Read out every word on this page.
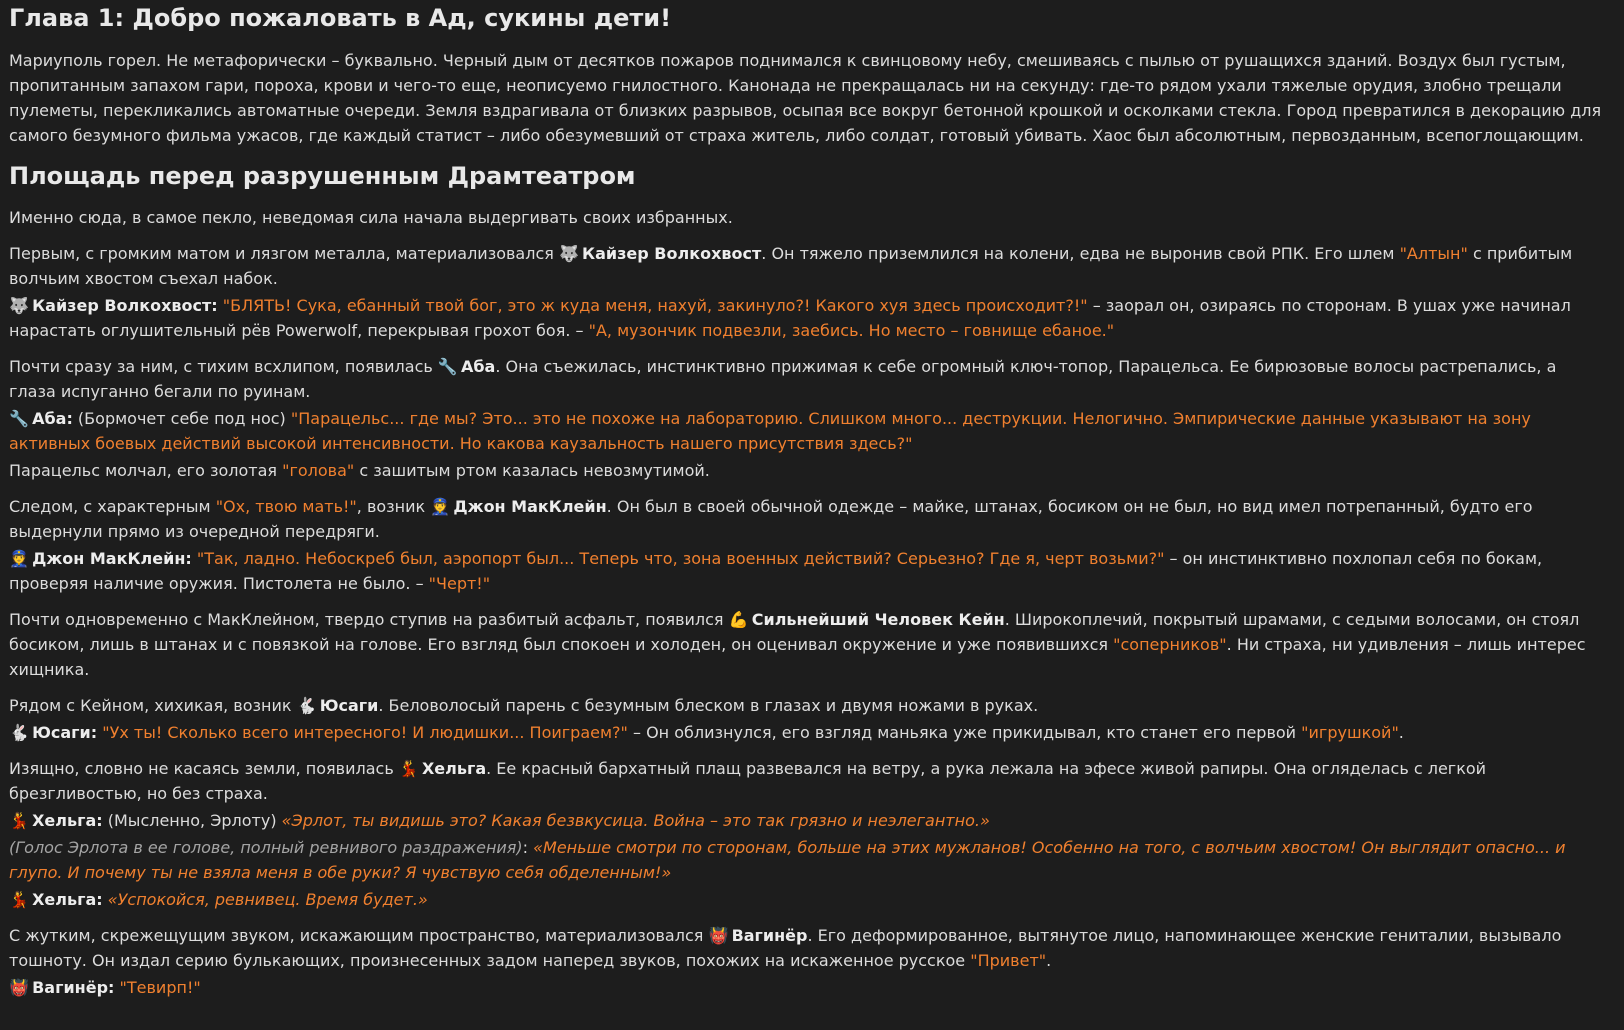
Глава 1: Добро пожаловать в Ад, сукины дети!

Мариуполь горел. Не метафорически – буквально. Черный дым от десятков пожаров поднимался к свинцовому небу, смешиваясь с пылью от рушащихся зданий. Воздух был густым, пропитанным запахом гари, пороха, крови и чего-то еще, неописуемо гнилостного. Канонада не прекращалась ни на секунду: где-то рядом ухали тяжелые орудия, злобно трещали пулеметы, перекликались автоматные очереди. Земля вздрагивала от близких разрывов, осыпая все вокруг бетонной крошкой и осколками стекла. Город превратился в декорацию для самого безумного фильма ужасов, где каждый статист – либо обезумевший от страха житель, либо солдат, готовый убивать. Хаос был абсолютным, первозданным, всепоглощающим.

Площадь перед разрушенным Драмтеатром

Именно сюда, в самое пекло, неведомая сила начала выдергивать своих избранных.

Первым, с громким матом и лязгом металла, материализовался 🐺 Кайзер Волкохвост. Он тяжело приземлился на колени, едва не выронив свой РПК. Его шлем "Алтын" с прибитым волчьим хвостом съехал набок.

🐺 Кайзер Волкохвост: "БЛЯТЬ! Сука, ебанный твой бог, это ж куда меня, нахуй, закинуло?! Какого хуя здесь происходит?!" – заорал он, озираясь по сторонам. В ушах уже начинал нарастать оглушительный рёв Powerwolf, перекрывая грохот боя. – "А, музончик подвезли, заебись. Но место – говнище ебаное."

Почти сразу за ним, с тихим всхлипом, появилась 🔧 Аба. Она съежилась, инстинктивно прижимая к себе огромный ключ-топор, Парацельса. Ее бирюзовые волосы растрепались, а глаза испуганно бегали по руинам.

🔧 Аба: (Бормочет себе под нос) "Парацельс... где мы? Это... это не похоже на лабораторию. Слишком много... деструкции. Нелогично. Эмпирические данные указывают на зону активных боевых действий высокой интенсивности. Но какова каузальность нашего присутствия здесь?"

Парацельс молчал, его золотая "голова" с зашитым ртом казалась невозмутимой.

Следом, с характерным "Ох, твою мать!", возник 👮 Джон МакКлейн. Он был в своей обычной одежде – майке, штанах, босиком он не был, но вид имел потрепанный, будто его выдернули прямо из очередной передряги.

👮 Джон МакКлейн: "Так, ладно. Небоскреб был, аэропорт был... Теперь что, зона военных действий? Серьезно? Где я, черт возьми?" – он инстинктивно похлопал себя по бокам, проверяя наличие оружия. Пистолета не было. – "Черт!"

Почти одновременно с МакКлейном, твердо ступив на разбитый асфальт, появился 💪 Сильнейший Человек Кейн. Широкоплечий, покрытый шрамами, с седыми волосами, он стоял босиком, лишь в штанах и с повязкой на голове. Его взгляд был спокоен и холоден, он оценивал окружение и уже появившихся "соперников". Ни страха, ни удивления – лишь интерес хищника.

Рядом с Кейном, хихикая, возник 🐇 Юсаги. Беловолосый парень с безумным блеском в глазах и двумя ножами в руках.

🐇 Юсаги: "Ух ты! Сколько всего интересного! И людишки... Поиграем?" – Он облизнулся, его взгляд маньяка уже прикидывал, кто станет его первой "игрушкой".

Изящно, словно не касаясь земли, появилась 💃 Хельга. Ее красный бархатный плащ развевался на ветру, а рука лежала на эфесе живой рапиры. Она огляделась с легкой брезгливостью, но без страха.

💃 Хельга: (Мысленно, Эрлоту) «Эрлот, ты видишь это? Какая безвкусица. Война – это так грязно и неэлегантно.»

(Голос Эрлота в ее голове, полный ревнивого раздражения): «Меньше смотри по сторонам, больше на этих мужланов! Особенно на того, с волчьим хвостом! Он выглядит опасно... и глупо. И почему ты не взяла меня в обе руки? Я чувствую себя обделенным!»

💃 Хельга: «Успокойся, ревнивец. Время будет.»

С жутким, скрежещущим звуком, искажающим пространство, материализовался 👹 Вагинёр. Его деформированное, вытянутое лицо, напоминающее женские гениталии, вызывало тошноту. Он издал серию булькающих, произнесенных задом наперед звуков, похожих на искаженное русское "Привет".

👹 Вагинёр: "Тевирп!"
